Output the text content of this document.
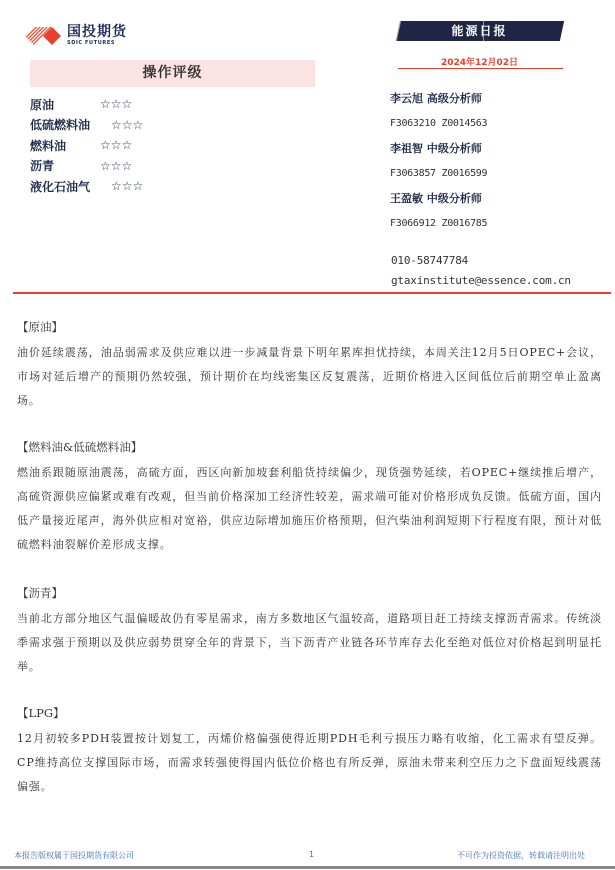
国投期货
SDIC FUTURES
操作评级
原油	☆☆☆
低硫燃料油	☆☆☆
燃料油	☆☆☆
沥青	☆☆☆
液化石油气	☆☆☆
能源日报
2024年12月02日
李云旭 高级分析师
F3063210 Z0014563
李祖智 中级分析师
F3063857 Z0016599
王盈敏 中级分析师
F3066912 Z0016785
010-58747784
gtaxinstitute@essence.com.cn
【原油】
油价延续震荡，油品弱需求及供应难以进一步减量背景下明年累库担忧持续，本周关注12月5日OPEC+会议，市场对延后增产的预期仍然较强，预计期价在均线密集区反复震荡，近期价格进入区间低位后前期空单止盈离场。
【燃料油&低硫燃料油】
燃油系跟随原油震荡，高硫方面，西区向新加坡套利船货持续偏少，现货强势延续，若OPEC+继续推后增产，高硫资源供应偏紧或难有改观，但当前价格深加工经济性较差，需求端可能对价格形成负反馈。低硫方面，国内低产量接近尾声，海外供应相对宽裕，供应边际增加施压价格预期，但汽柴油利润短期下行程度有限，预计对低硫燃料油裂解价差形成支撑。
【沥青】
当前北方部分地区气温偏暖故仍有零星需求，南方多数地区气温较高，道路项目赶工持续支撑沥青需求。传统淡季需求强于预期以及供应弱势贯穿全年的背景下，当下沥青产业链各环节库存去化至绝对低位对价格起到明显托举。
【LPG】
12月初较多PDH装置按计划复工，丙烯价格偏强使得近期PDH毛利亏损压力略有收缩，化工需求有望反弹。CP维持高位支撑国际市场，而需求转强使得国内低位价格也有所反弹，原油未带来利空压力之下盘面短线震荡偏强。
本报告版权属于国投期货有限公司	1	不可作为投资依据，转载请注明出处
